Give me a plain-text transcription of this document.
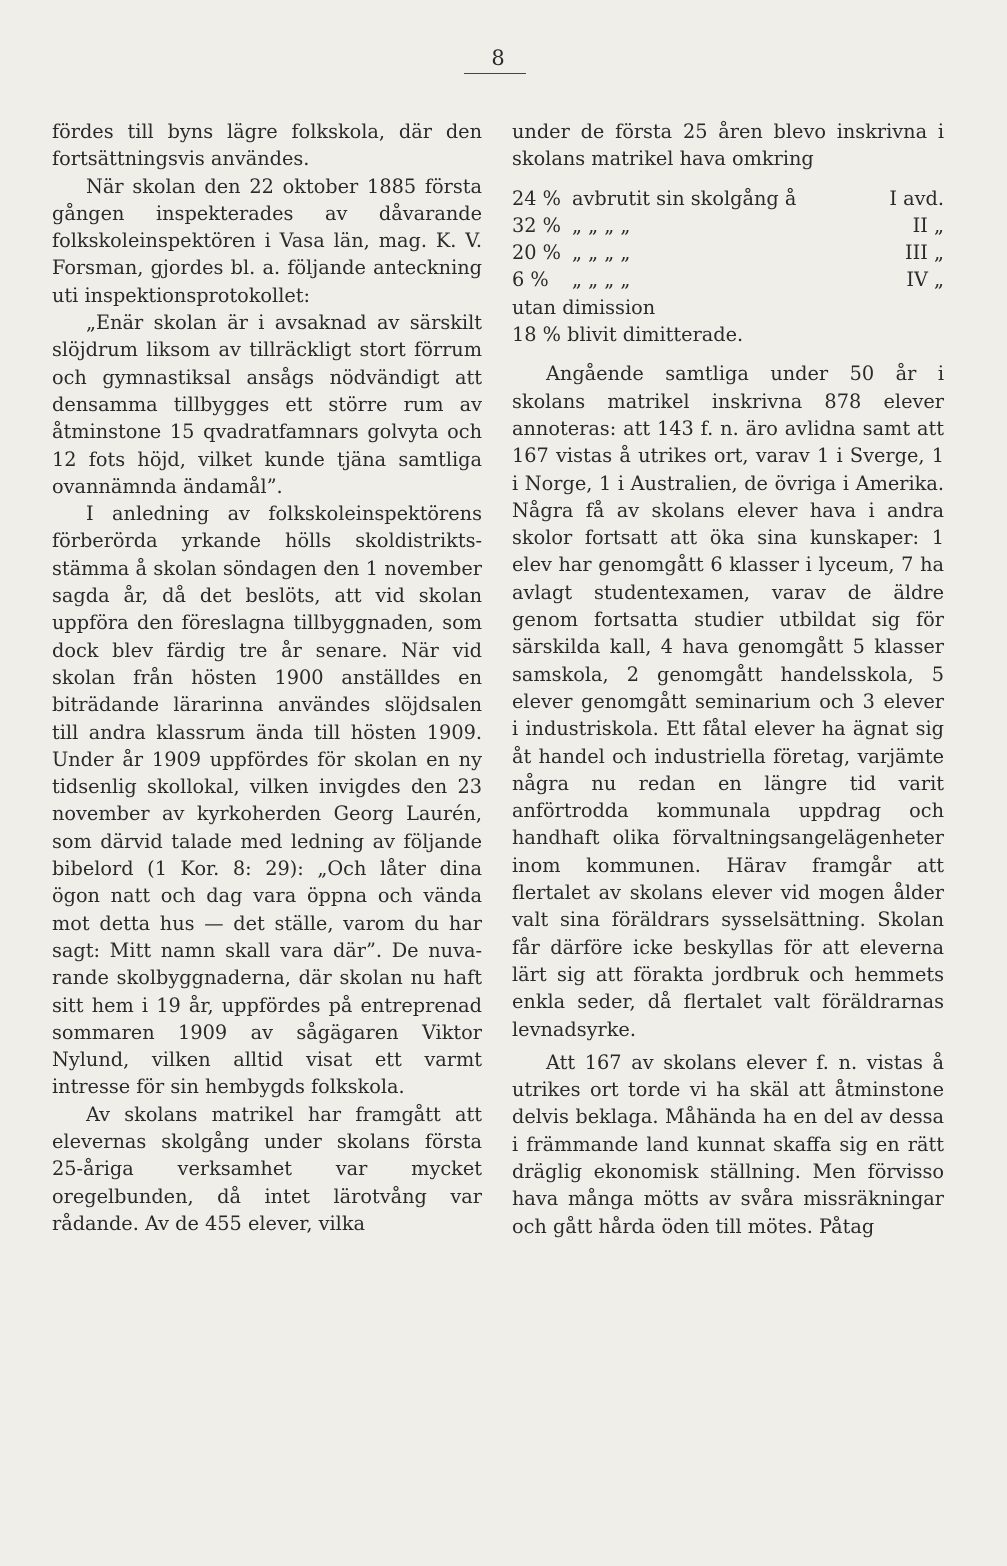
8

fördes till byns lägre folkskola, där den fortsättningsvis användes.

När skolan den 22 oktober 1885 första gången inspekterades av dåvarande folkskoleinspektören i Vasa län, mag. K. V. Forsman, gjordes bl. a. följande anteckning uti inspektionsprotokollet:

„Enär skolan är i avsaknad av särskilt slöjdrum liksom av tillräckligt stort förrum och gymnastiksal ansågs nödvändigt att densamma tillbygges ett större rum av åtminstone 15 qvadratfamnars golvyta och 12 fots höjd, vilket kunde tjäna samtliga ovannämnda ändamål”.

I anledning av folkskoleinspektörens förberörda yrkande hölls skoldistriktsstämma å skolan söndagen den 1 november sagda år, då det beslöts, att vid skolan uppföra den föreslagna tillbyggnaden, som dock blev färdig tre år senare. När vid skolan från hösten 1900 anställdes en biträdande lärarinna användes slöjdsalen till andra klassrum ända till hösten 1909. Under år 1909 uppfördes för skolan en ny tidsenlig skollokal, vilken invigdes den 23 november av kyrkoherden Georg Laurén, som därvid talade med ledning av följande bibelord (1 Kor. 8: 29): „Och låter dina ögon natt och dag vara öppna och vända mot detta hus — det ställe, varom du har sagt: Mitt namn skall vara där”. De nuvarande skolbyggnaderna, där skolan nu haft sitt hem i 19 år, uppfördes på entreprenad sommaren 1909 av sågägaren Viktor Nylund, vilken alltid visat ett varmt intresse för sin hembygds folkskola.

Av skolans matrikel har framgått att elevernas skolgång under skolans första 25-åriga verksamhet var mycket oregelbunden, då intet lärotvång var rådande. Av de 455 elever, vilka

under de första 25 åren blevo inskrivna i skolans matrikel hava omkring

24 %	avbrutit sin skolgång å	I avd.
32 %	„ „ „ „	II „
20 %	„ „ „ „	III „
6 %	„ „ „ „	IV „

utan dimission

18 % blivit dimitterade.

Angående samtliga under 50 år i skolans matrikel inskrivna 878 elever annoteras: att 143 f. n. äro avlidna samt att 167 vistas å utrikes ort, varav 1 i Sverge, 1 i Norge, 1 i Australien, de övriga i Amerika. Några få av skolans elever hava i andra skolor fortsatt att öka sina kunskaper: 1 elev har genomgått 6 klasser i lyceum, 7 ha avlagt studentexamen, varav de äldre genom fortsatta studier utbildat sig för särskilda kall, 4 hava genomgått 5 klasser samskola, 2 genomgått handelsskola, 5 elever genomgått seminarium och 3 elever i industriskola. Ett fåtal elever ha ägnat sig åt handel och industriella företag, varjämte några nu redan en längre tid varit anförtrodda kommunala uppdrag och handhaft olika förvaltningsangelägenheter inom kommunen. Härav framgår att flertalet av skolans elever vid mogen ålder valt sina föräldrars sysselsättning. Skolan får därföre icke beskyllas för att eleverna lärt sig att förakta jordbruk och hemmets enkla seder, då flertalet valt föräldrarnas levnadsyrke.

Att 167 av skolans elever f. n. vistas å utrikes ort torde vi ha skäl att åtminstone delvis beklaga. Måhända ha en del av dessa i främmande land kunnat skaffa sig en rätt dräglig ekonomisk ställning. Men förvisso hava många mötts av svåra missräkningar och gått hårda öden till mötes. Påtag
